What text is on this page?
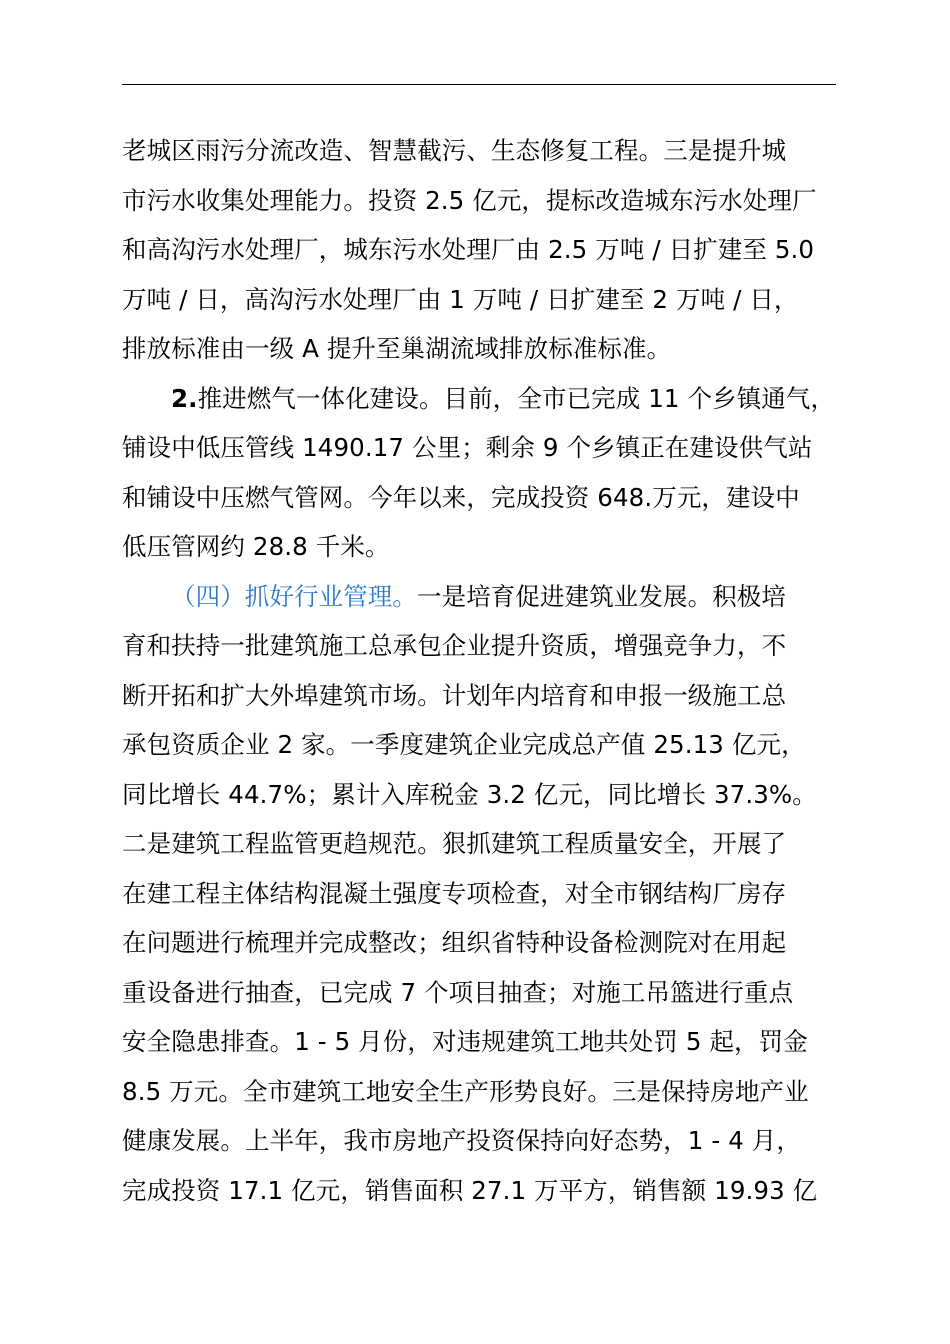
老城区雨污分流改造、智慧截污、生态修复工程。三是提升城
市污水收集处理能力。投资 2.5 亿元，提标改造城东污水处理厂
和高沟污水处理厂，城东污水处理厂由 2.5 万吨 / 日扩建至 5.0
万吨 / 日，高沟污水处理厂由 1 万吨 / 日扩建至 2 万吨 / 日，
排放标准由一级 A 提升至巢湖流域排放标准标准。
2.推进燃气一体化建设。目前，全市已完成 11 个乡镇通气，
铺设中低压管线 1490.17 公里；剩余 9 个乡镇正在建设供气站
和铺设中压燃气管网。今年以来，完成投资 648.万元，建设中
低压管网约 28.8 千米。
（四）抓好行业管理。一是培育促进建筑业发展。积极培
育和扶持一批建筑施工总承包企业提升资质，增强竞争力，不
断开拓和扩大外埠建筑市场。计划年内培育和申报一级施工总
承包资质企业 2 家。一季度建筑企业完成总产值 25.13 亿元，
同比增长 44.7%；累计入库税金 3.2 亿元，同比增长 37.3%。
二是建筑工程监管更趋规范。狠抓建筑工程质量安全，开展了
在建工程主体结构混凝土强度专项检查，对全市钢结构厂房存
在问题进行梳理并完成整改；组织省特种设备检测院对在用起
重设备进行抽查，已完成 7 个项目抽查；对施工吊篮进行重点
安全隐患排查。1 - 5 月份，对违规建筑工地共处罚 5 起，罚金
8.5 万元。全市建筑工地安全生产形势良好。三是保持房地产业
健康发展。上半年，我市房地产投资保持向好态势，1 - 4 月，
完成投资 17.1 亿元，销售面积 27.1 万平方，销售额 19.93 亿
